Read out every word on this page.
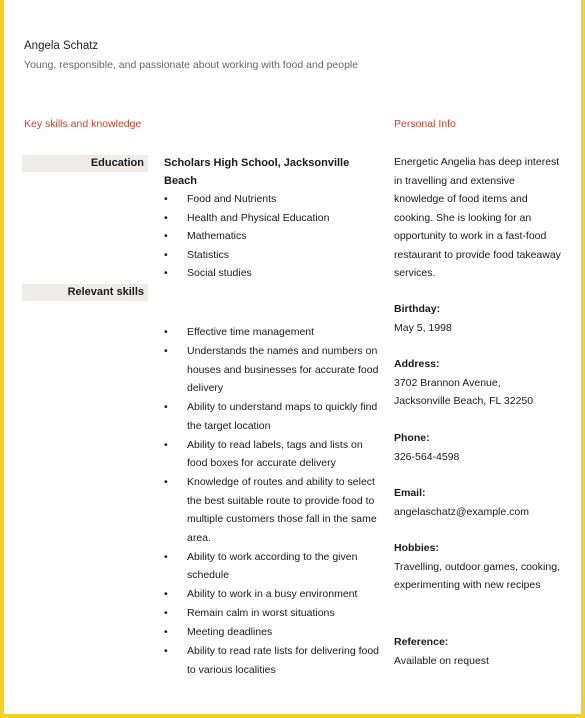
Angela Schatz
Young, responsible, and passionate about working with food and people
Key skills and knowledge	Personal Info
Education	Scholars High School, Jacksonville Beach
• Food and Nutrients
• Health and Physical Education
• Mathematics
• Statistics
• Social studies
Relevant skills
• Effective time management
• Understands the names and numbers on houses and businesses for accurate food delivery
• Ability to understand maps to quickly find the target location
• Ability to read labels, tags and lists on food boxes for accurate delivery
• Knowledge of routes and ability to select the best suitable route to provide food to multiple customers those fall in the same area.
• Ability to work according to the given schedule
• Ability to work in a busy environment
• Remain calm in worst situations
• Meeting deadlines
• Ability to read rate lists for delivering food to various localities
Energetic Angelia has deep interest in travelling and extensive knowledge of food items and cooking. She is looking for an opportunity to work in a fast-food restaurant to provide food takeaway services.
Birthday:
May 5, 1998
Address:
3702 Brannon Avenue,
Jacksonville Beach, FL 32250
Phone:
326-564-4598
Email:
angelaschatz@example.com
Hobbies:
Travelling, outdoor games, cooking, experimenting with new recipes
Reference:
Available on request
